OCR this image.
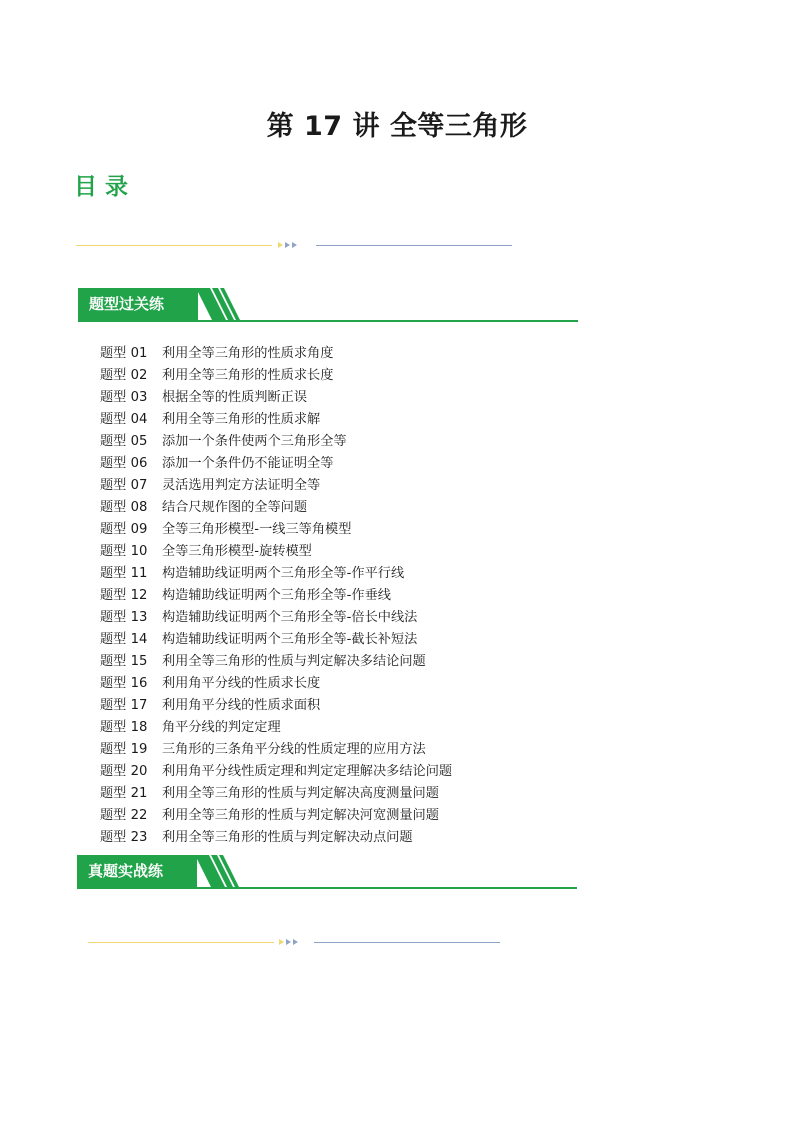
第 17 讲 全等三角形
目录
题型过关练
题型 01	利用全等三角形的性质求角度
题型 02	利用全等三角形的性质求长度
题型 03	根据全等的性质判断正误
题型 04	利用全等三角形的性质求解
题型 05	添加一个条件使两个三角形全等
题型 06	添加一个条件仍不能证明全等
题型 07	灵活选用判定方法证明全等
题型 08	结合尺规作图的全等问题
题型 09	全等三角形模型-一线三等角模型
题型 10	全等三角形模型-旋转模型
题型 11	构造辅助线证明两个三角形全等-作平行线
题型 12	构造辅助线证明两个三角形全等-作垂线
题型 13	构造辅助线证明两个三角形全等-倍长中线法
题型 14	构造辅助线证明两个三角形全等-截长补短法
题型 15	利用全等三角形的性质与判定解决多结论问题
题型 16	利用角平分线的性质求长度
题型 17	利用角平分线的性质求面积
题型 18	角平分线的判定定理
题型 19	三角形的三条角平分线的性质定理的应用方法
题型 20	利用角平分线性质定理和判定定理解决多结论问题
题型 21	利用全等三角形的性质与判定解决高度测量问题
题型 22	利用全等三角形的性质与判定解决河宽测量问题
题型 23	利用全等三角形的性质与判定解决动点问题
真题实战练
